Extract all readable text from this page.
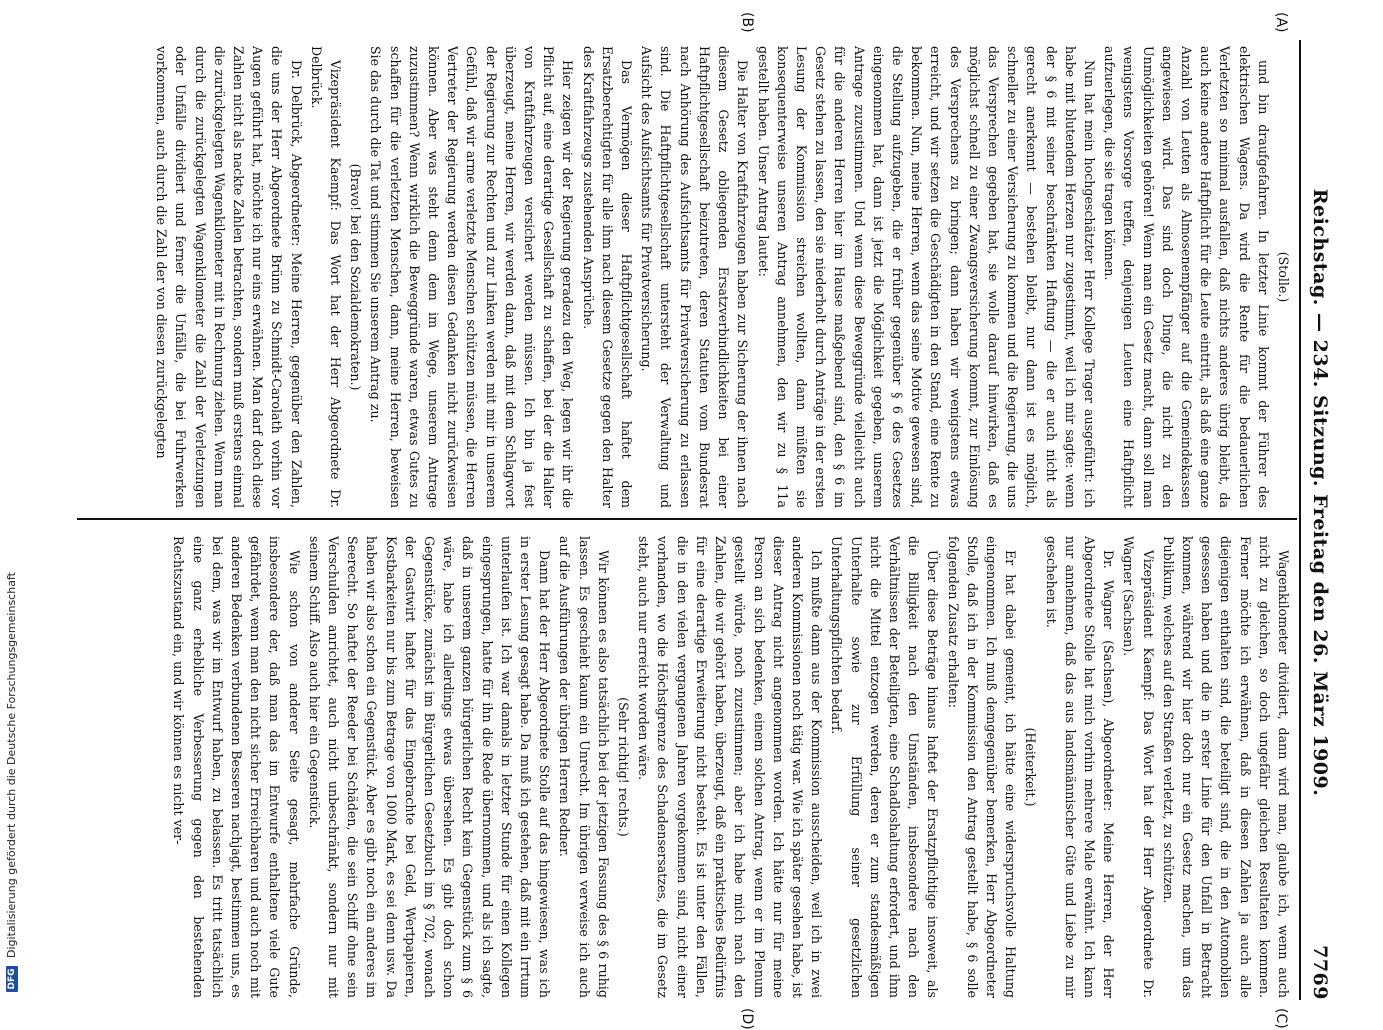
Reichstag. — 234. Sitzung. Freitag den 26. März 1909.
7769
(A)
(B)
(C)
(D)

(Stolle.)

und bin draufgefahren. In letzter Linie kommt der Führer des elektrischen Wagens. Da wird die Rente für die bedauerlichen Verletzten so minimal ausfallen, daß nichts anderes übrig bleibt, da auch keine andere Haftpflicht für die Leute eintritt, als daß eine ganze Anzahl von Leuten als Almosenempfänger auf die Gemeindekassen angewiesen wird. Das sind doch Dinge, die nicht zu den Unmöglichkeiten gehören! Wenn man ein Gesetz macht, dann soll man wenigstens Vorsorge treffen, denjenigen Leuten eine Haftpflicht aufzuerlegen, die sie tragen können.

Nun hat mein hochgeschätzter Herr Kollege Trager ausgeführt: ich habe mit blutendem Herzen nur zugestimmt, weil ich mir sagte: wenn der § 6 mit seiner beschränkten Haftung — die er auch nicht als gerecht anerkennt — bestehen bleibt, nur dann ist es möglich, schneller zu einer Versicherung zu kommen und die Regierung, die uns das Versprechen gegeben hat, sie wolle darauf hinwirken, daß es möglichst schnell zu einer Zwangsversicherung kommt, zur Einlösung des Versprechens zu bringen; dann haben wir wenigstens etwas erreicht, und wir setzen die Geschädigten in den Stand, eine Rente zu bekommen. Nun, meine Herren, wenn das seine Motive gewesen sind, die Stellung aufzugeben, die er früher gegenüber § 6 des Gesetzes eingenommen hat, dann ist jetzt die Möglichkeit gegeben, unserem Antrage zuzustimmen. Und wenn diese Beweggründe vielleicht auch für die anderen Herren hier im Hause maßgebend sind, den § 6 im Gesetz stehen zu lassen, den sie niederholt durch Anträge in der ersten Lesung der Kommission streichen wollten, dann müßten sie konsequenterweise unseren Antrag annehmen, den wir zu § 11a gestellt haben. Unser Antrag lautet:

Die Halter von Kraftfahrzeugen haben zur Sicherung der ihnen nach diesem Gesetz obliegenden Ersatzverbindlichkeiten bei einer Haftpflichtgesellschaft beizutreten, deren Statuten vom Bundesrat nach Anhörung des Aufsichtsamts für Privatversicherung zu erlassen sind. Die Haftpflichtgesellschaft untersteht der Verwaltung und Aufsicht des Aufsichtsamts für Privatversicherung.

Das Vermögen dieser Haftpflichtgesellschaft haftet dem Ersatzberechtigten für alle ihm nach diesem Gesetze gegen den Halter des Kraftfahrzeugs zustehenden Ansprüche.

Hier zeigen wir der Regierung geradezu den Weg, legen wir ihr die Pflicht auf, eine derartige Gesellschaft zu schaffen, bei der die Halter von Kraftfahrzeugen versichert werden müssen. Ich bin ja fest überzeugt, meine Herren, wir werden dann, daß mit dem Schlagwort der Regierung zur Rechten und zur Linken werden mit mir in unserem Gefühl, daß wir arme verletzte Menschen schützen müssen, die Herren Vertreter der Regierung werden diesen Gedanken nicht zurückweisen können. Aber was steht denn dem im Wege, unserem Antrage zuzustimmen? Wenn wirklich die Beweggründe waren, etwas Gutes zu schaffen für die verletzten Menschen, dann, meine Herren, beweisen Sie das durch die Tat und stimmen Sie unserem Antrag zu.

(Bravo! bei den Sozialdemokraten.)

Vizepräsident Kaempf: Das Wort hat der Herr Abgeordnete Dr. Delbrück.

Dr. Delbrück, Abgeordneter: Meine Herren, gegenüber den Zahlen, die uns der Herr Abgeordnete Brünn zu Schmidt-Carolath vorhin vor Augen geführt hat, möchte ich nur eins erwähnen. Man darf doch diese Zahlen nicht als nackte Zahlen betrachten, sondern muß erstens einmal die zurückgelegten Wagenkilometer mit in Rechnung ziehen. Wenn man durch die zurückgelegten Wagenkilometer die Zahl der Verletzungen oder Unfälle dividiert und ferner die Unfälle, die bei Fuhrwerken vorkommen, auch durch die Zahl der von diesen zurückgelegten

Wagenkilometer dividiert, dann wird man, glaube ich, wenn auch nicht zu gleichen, so doch ungefähr gleichen Resultaten kommen. Ferner möchte ich erwähnen, daß in diesen Zahlen ja auch alle diejenigen enthalten sind, die beteiligt sind, die in den Automobilen gesessen haben und die in erster Linie für den Unfall in Betracht kommen, während wir hier doch nur ein Gesetz machen, um das Publikum, welches auf den Straßen verletzt, zu schützen.

Vizepräsident Kaempf: Das Wort hat der Herr Abgeordnete Dr. Wagner (Sachsen).

Dr. Wagner (Sachsen), Abgeordneter: Meine Herren, der Herr Abgeordnete Stolle hat mich vorhin mehrere Male erwähnt. Ich kann nur annehmen, daß das aus landsmännischer Güte und Liebe zu mir geschehen ist.

(Heiterkeit.)

Er hat dabei gemeint, ich hätte eine widerspruchsvolle Haltung eingenommen. Ich muß demgegenüber bemerken, Herr Abgeordneter Stolle, daß ich in der Kommission den Antrag gestellt habe, § 6 solle folgenden Zusatz erhalten:

Über diese Beträge hinaus haftet der Ersatzpflichtige insoweit, als die Billigkeit nach den Umständen, insbesondere nach den Verhältnissen der Beteiligten, eine Schadloshaltung erfordert, und ihm nicht die Mittel entzogen werden, deren er zum standesmäßigen Unterhalte sowie zur Erfüllung seiner gesetzlichen Unterhaltungspflichten bedarf.

Ich mußte dann aus der Kommission ausscheiden, weil ich in zwei anderen Kommissionen noch tätig war. Wie ich später gesehen habe, ist dieser Antrag nicht angenommen worden. Ich hätte nur für meine Person an sich bedenken, einem solchen Antrag, wenn er im Plenum gestellt würde, noch zuzustimmen; aber ich habe mich nach den Zahlen, die wir gehört haben, überzeugt, daß ein praktisches Bedürfnis für eine derartige Erweiterung nicht besteht. Es ist unter den Fällen, die in den vielen vergangenen Jahren vorgekommen sind, nicht einer vorhanden, wo die Höchstgrenze des Schadensersatzes, die im Gesetz steht, auch nur erreicht worden wäre.

(Sehr richtig! rechts.)

Wir können es also tatsächlich bei der jetzigen Fassung des § 6 ruhig lassen. Es geschieht kaum ein Unrecht. Im übrigen verweise ich auch auf die Ausführungen der übrigen Herren Redner.

Dann hat der Herr Abgeordnete Stolle auf das hingewiesen, was ich in erster Lesung gesagt habe. Da muß ich gestehen, daß mit ein Irrtum unterlaufen ist. Ich war damals in letzter Stunde für einen Kollegen eingesprungen, hatte für ihn die Rede übernommen, und als ich sagte, daß in unserem ganzen bürgerlichen Recht kein Gegenstück zum § 6 wäre, habe ich allerdings etwas übersehen. Es gibt doch schon Gegenstücke, zunächst im Bürgerlichen Gesetzbuch im § 702, wonach der Gastwirt haftet für das Eingebrachte bei Geld, Wertpapieren, Kostbarkeiten nur bis zum Betrage von 1000 Mark, es sei denn usw. Da haben wir also schon ein Gegenstück. Aber es gibt noch ein anderes im Seerecht. So haftet der Reeder bei Schäden, die sein Schiff ohne sein Verschulden anrichtet, auch nicht unbeschränkt, sondern nur mit seinem Schiff. Also auch hier ein Gegenstück.

Wie schon von anderer Seite gesagt, mehrfache Gründe, insbesondere der, daß man das im Entwurfe enthaltene viele Gute gefährdet, wenn man den nicht sicher Erreichbaren und auch noch mit anderen Bedenken verbundenen Besseren nachjagt, bestimmen uns, es bei dem, was wir im Entwurf haben, zu belassen. Es tritt tatsächlich eine ganz erhebliche Verbesserung gegen den bestehenden Rechtszustand ein, und wir können es nicht ver-

DFG
Digitalisierung gefördert durch die Deutsche Forschungsgemeinschaft
